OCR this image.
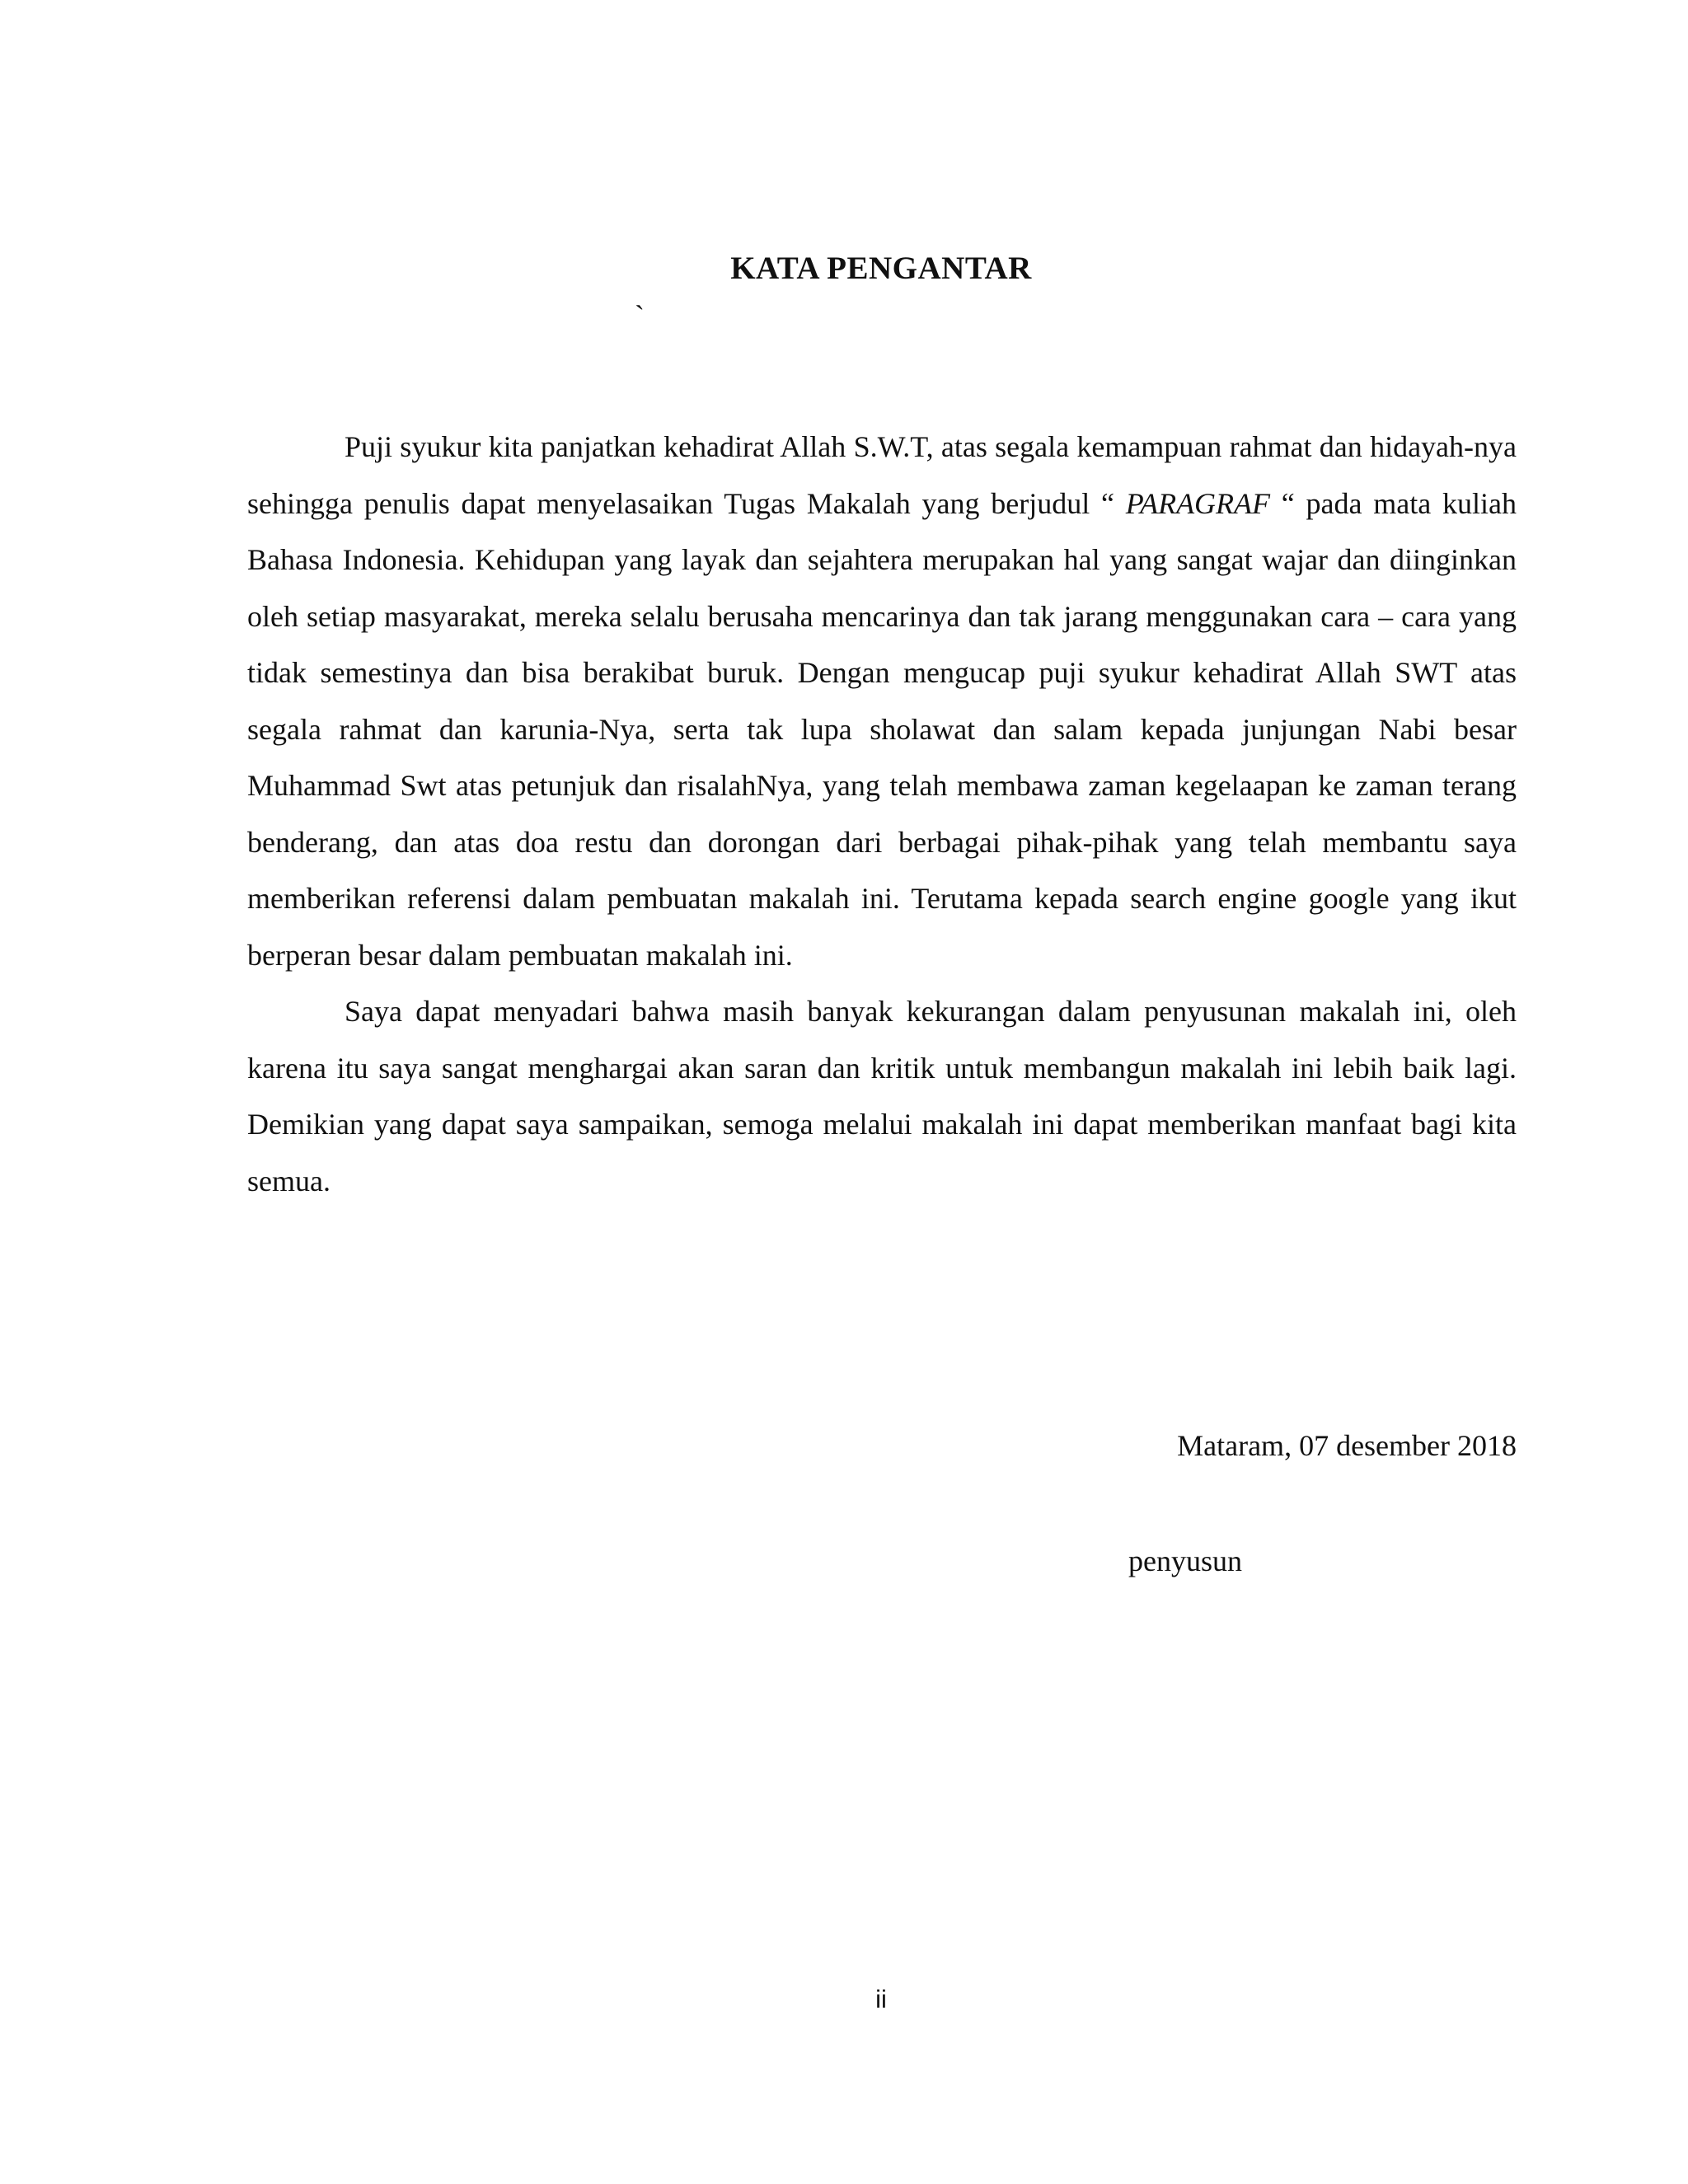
KATA PENGANTAR
`

Puji syukur kita panjatkan kehadirat Allah S.W.T, atas segala kemampuan rahmat dan hidayah-nya sehingga penulis dapat menyelasaikan Tugas Makalah yang berjudul “ PARAGRAF “ pada mata kuliah Bahasa Indonesia. Kehidupan yang layak dan sejahtera merupakan hal yang sangat wajar dan diinginkan oleh setiap masyarakat, mereka selalu berusaha mencarinya dan tak jarang menggunakan cara – cara yang tidak semestinya dan bisa berakibat buruk. Dengan mengucap puji syukur kehadirat Allah SWT atas segala rahmat dan karunia-Nya, serta tak lupa sholawat dan salam kepada junjungan Nabi besar Muhammad Swt atas petunjuk dan risalahNya, yang telah membawa zaman kegelaapan ke zaman terang benderang, dan atas doa restu dan dorongan dari berbagai pihak-pihak yang telah membantu saya memberikan referensi dalam pembuatan makalah ini. Terutama kepada search engine google yang ikut berperan besar dalam pembuatan makalah ini.

Saya dapat menyadari bahwa masih banyak kekurangan dalam penyusunan makalah ini, oleh karena itu saya sangat menghargai akan saran dan kritik untuk membangun makalah ini lebih baik lagi. Demikian yang dapat saya sampaikan, semoga melalui makalah ini dapat memberikan manfaat bagi kita semua.

Mataram, 07 desember 2018
penyusun
ii
